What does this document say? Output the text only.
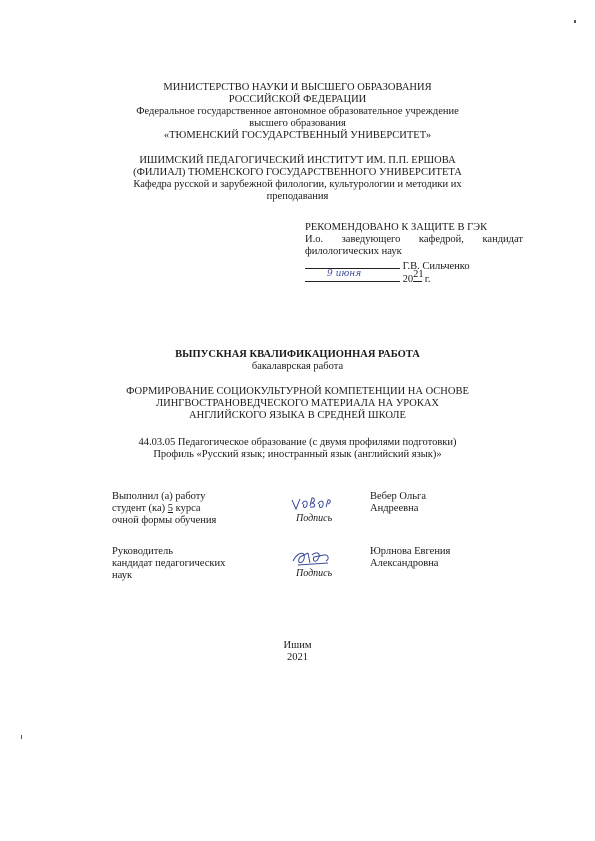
МИНИСТЕРСТВО НАУКИ И ВЫСШЕГО ОБРАЗОВАНИЯ
РОССИЙСКОЙ ФЕДЕРАЦИИ
Федеральное государственное автономное образовательное учреждение
высшего образования
«ТЮМЕНСКИЙ ГОСУДАРСТВЕННЫЙ УНИВЕРСИТЕТ»
ИШИМСКИЙ ПЕДАГОГИЧЕСКИЙ ИНСТИТУТ ИМ. П.П. ЕРШОВА
(ФИЛИАЛ) ТЮМЕНСКОГО ГОСУДАРСТВЕННОГО УНИВЕРСИТЕТА
Кафедра русской и зарубежной филологии, культурологии и методики их
преподавания
РЕКОМЕНДОВАНО К ЗАЩИТЕ В ГЭК
И.о. заведующего кафедрой, кандидат
филологических наук
Г.В. Сильченко
9 июня	20 21 г.
ВЫПУСКНАЯ КВАЛИФИКАЦИОННАЯ РАБОТА
бакалаврская работа
ФОРМИРОВАНИЕ СОЦИОКУЛЬТУРНОЙ КОМПЕТЕНЦИИ НА ОСНОВЕ
ЛИНГВОСТРАНОВЕДЧЕСКОГО МАТЕРИАЛА НА УРОКАХ
АНГЛИЙСКОГО ЯЗЫКА В СРЕДНЕЙ ШКОЛЕ
44.03.05 Педагогическое образование (с двумя профилями подготовки)
Профиль «Русский язык; иностранный язык (английский язык)»
Выполнил (а) работу
студент (ка) 5 курса
очной формы обучения	Подпись
Вебер Ольга
Андреевна
Руководитель
кандидат педагогических
наук	Подпись
Юрлнова Евгения
Александровна
Ишим
2021
